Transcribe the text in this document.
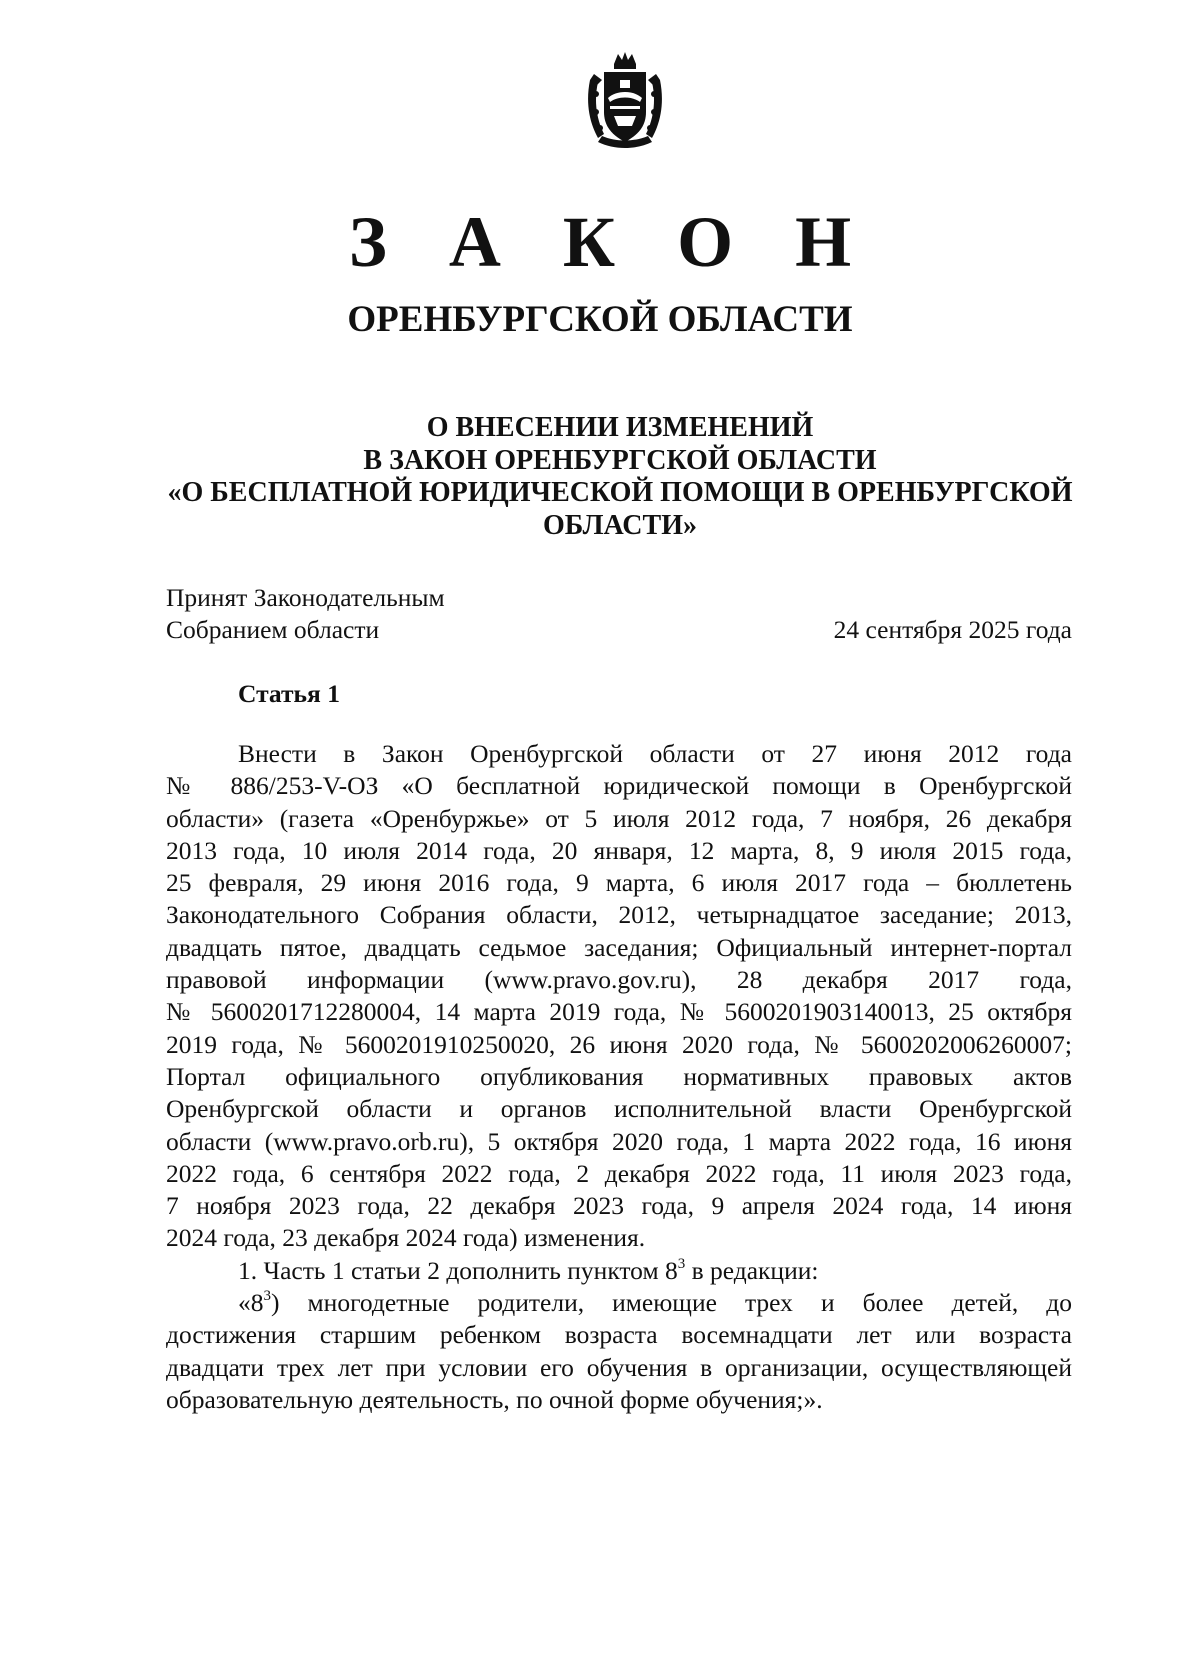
З А К О Н
ОРЕНБУРГСКОЙ ОБЛАСТИ
О ВНЕСЕНИИ ИЗМЕНЕНИЙ
В ЗАКОН ОРЕНБУРГСКОЙ ОБЛАСТИ
«О БЕСПЛАТНОЙ ЮРИДИЧЕСКОЙ ПОМОЩИ В ОРЕНБУРГСКОЙ
ОБЛАСТИ»
Принят Законодательным
Собранием области	24 сентября 2025 года
Статья 1
Внести в Закон Оренбургской области от 27 июня 2012 года
№ 886/253-V-ОЗ «О бесплатной юридической помощи в Оренбургской
области» (газета «Оренбуржье» от 5 июля 2012 года, 7 ноября, 26 декабря
2013 года, 10 июля 2014 года, 20 января, 12 марта, 8, 9 июля 2015 года,
25 февраля, 29 июня 2016 года, 9 марта, 6 июля 2017 года – бюллетень
Законодательного Собрания области, 2012, четырнадцатое заседание; 2013,
двадцать пятое, двадцать седьмое заседания; Официальный интернет-портал
правовой информации (www.pravo.gov.ru), 28 декабря 2017 года,
№ 5600201712280004, 14 марта 2019 года, № 5600201903140013, 25 октября
2019 года, № 5600201910250020, 26 июня 2020 года, № 5600202006260007;
Портал официального опубликования нормативных правовых актов
Оренбургской области и органов исполнительной власти Оренбургской
области (www.pravo.orb.ru), 5 октября 2020 года, 1 марта 2022 года, 16 июня
2022 года, 6 сентября 2022 года, 2 декабря 2022 года, 11 июля 2023 года,
7 ноября 2023 года, 22 декабря 2023 года, 9 апреля 2024 года, 14 июня
2024 года, 23 декабря 2024 года) изменения.
1. Часть 1 статьи 2 дополнить пунктом $8^3$ в редакции:
«$8^3$) многодетные родители, имеющие трех и более детей, до
достижения старшим ребенком возраста восемнадцати лет или возраста
двадцати трех лет при условии его обучения в организации, осуществляющей
образовательную деятельность, по очной форме обучения;».
